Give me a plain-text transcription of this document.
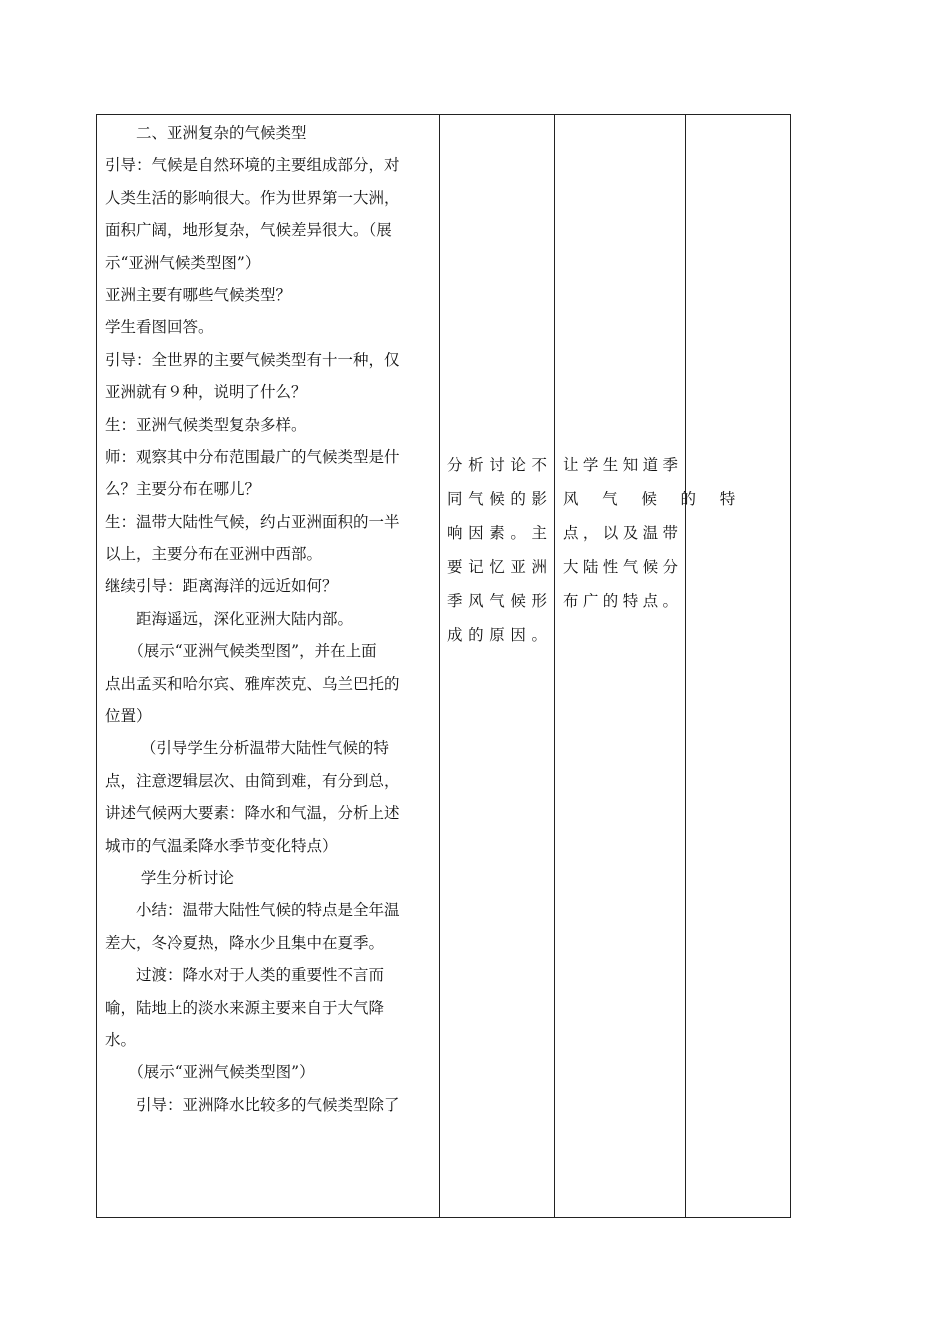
　　二、亚洲复杂的气候类型
引导：气候是自然环境的主要组成部分，对
人类生活的影响很大。作为世界第一大洲，
面积广阔，地形复杂，气候差异很大。（展
示“亚洲气候类型图”）
亚洲主要有哪些气候类型？
学生看图回答。
引导：全世界的主要气候类型有十一种，仅
亚洲就有９种，说明了什么？
生：亚洲气候类型复杂多样。
师：观察其中分布范围最广的气候类型是什
么？主要分布在哪儿？
生：温带大陆性气候，约占亚洲面积的一半
以上，主要分布在亚洲中西部。
继续引导：距离海洋的远近如何？
　　距海遥远，深化亚洲大陆内部。
　　（展示“亚洲气候类型图”，并在上面
点出孟买和哈尔宾、雅库茨克、乌兰巴托的
位置）
　　 （引导学生分析温带大陆性气候的特
点，注意逻辑层次、由简到难，有分到总，
讲述气候两大要素：降水和气温，分析上述
城市的气温柔降水季节变化特点）
　　 学生分析讨论
　　小结：温带大陆性气候的特点是全年温
差大，冬冷夏热，降水少且集中在夏季。
　　过渡：降水对于人类的重要性不言而
喻，陆地上的淡水来源主要来自于大气降
水。
　　（展示“亚洲气候类型图”）
　　引导：亚洲降水比较多的气候类型除了
分析讨论不
同气候的影
响因素。主
要记忆亚洲
季风气候形
成的原因。
让学生知道季
风 气 候 的 特
点，以及温带
大陆性气候分
布广的特点。
